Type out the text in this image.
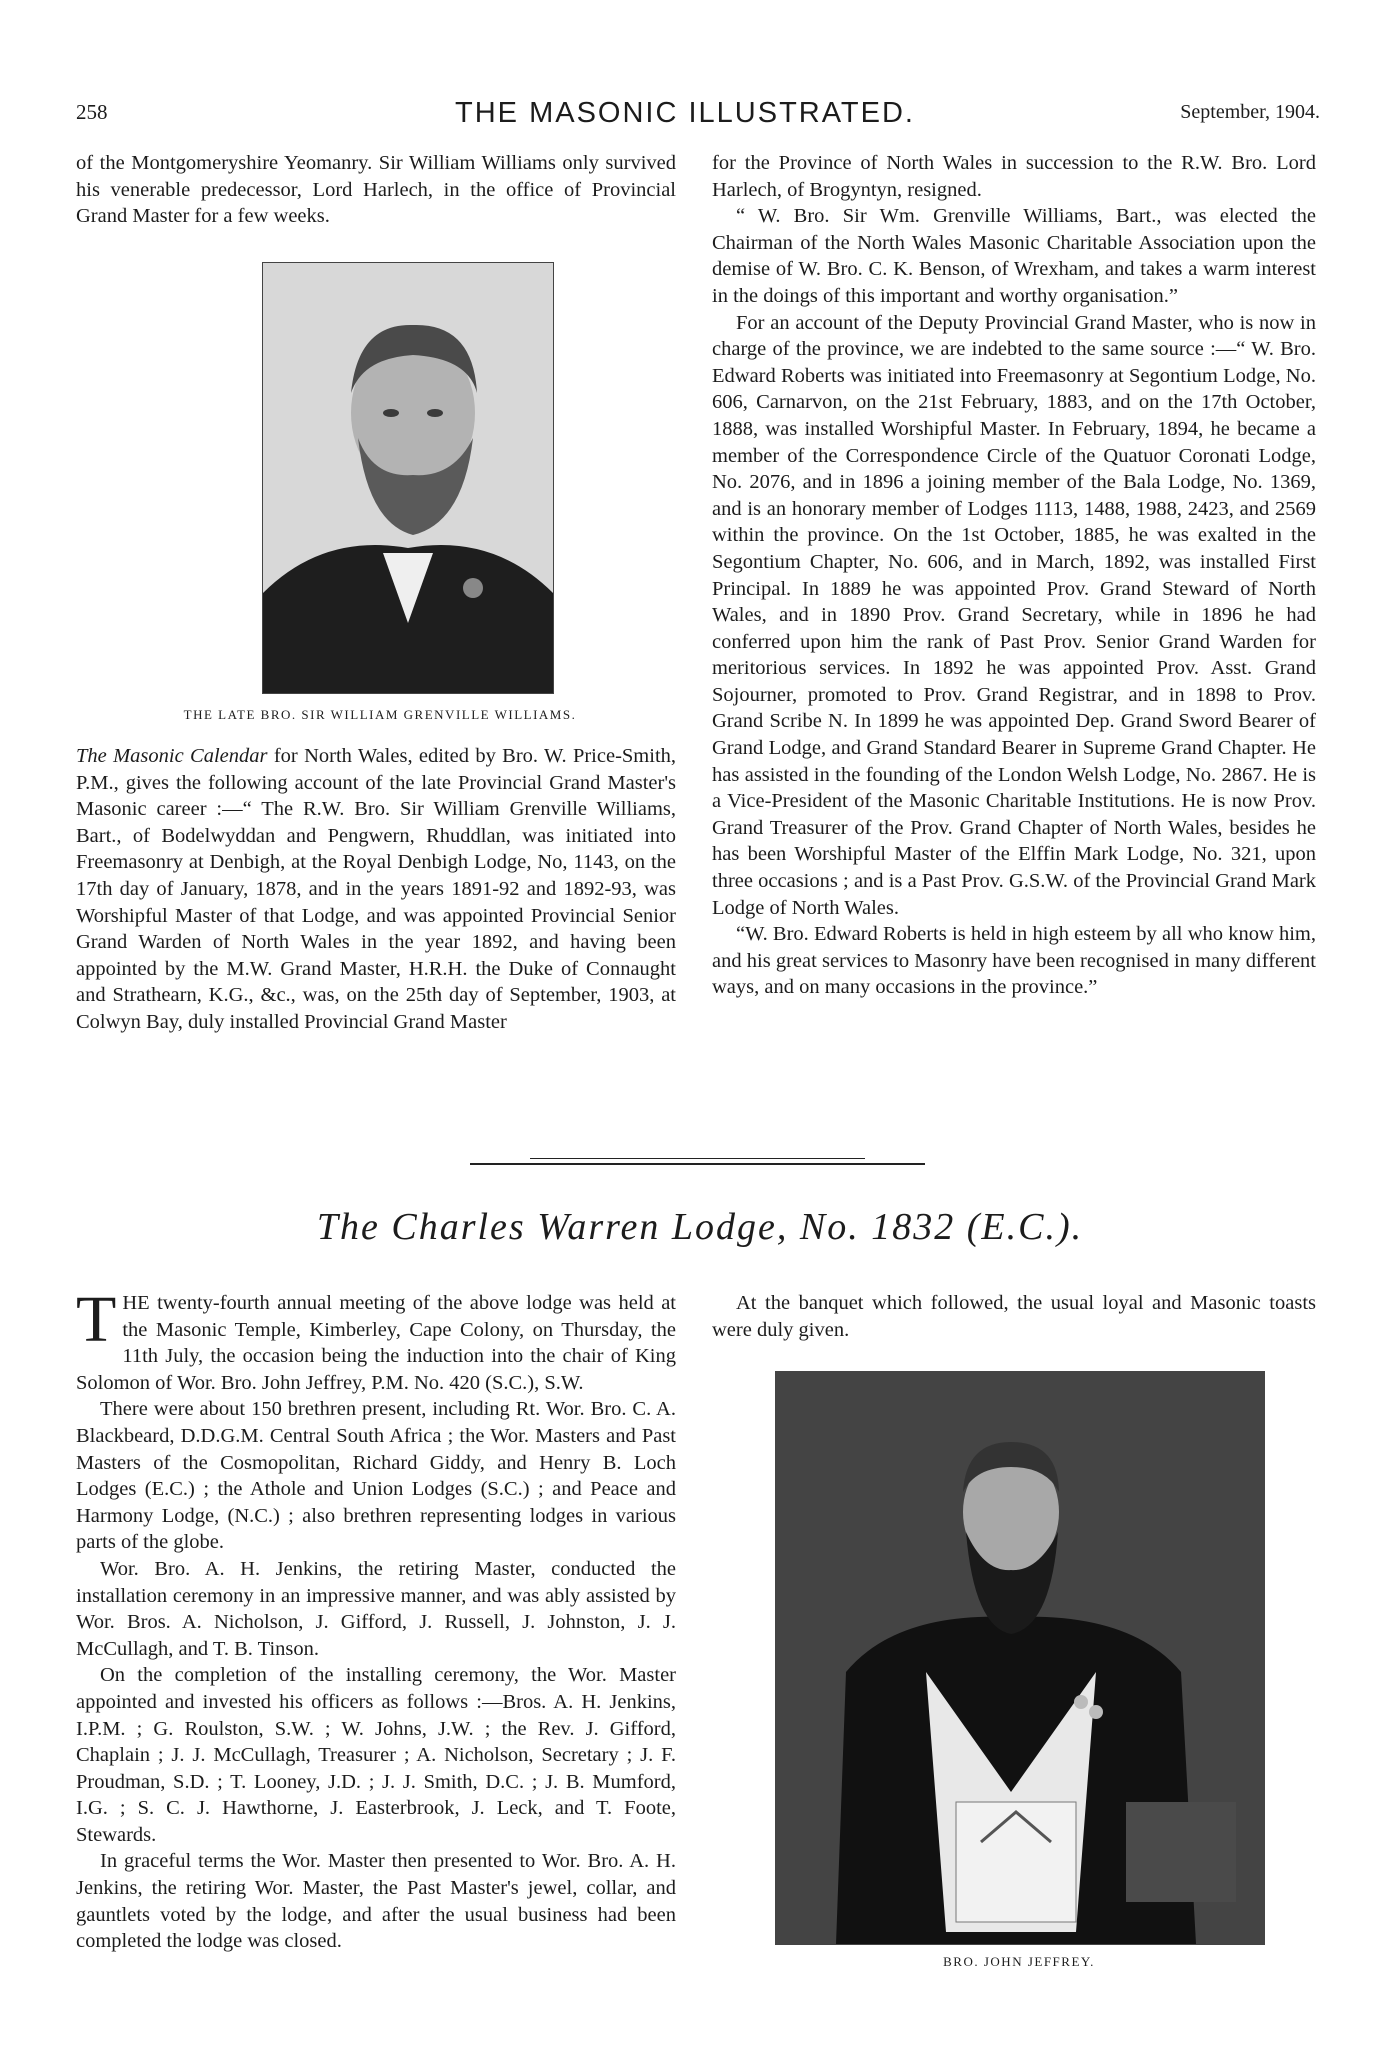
258	THE MASONIC ILLUSTRATED.	September, 1904.

of the Montgomeryshire Yeomanry. Sir William Williams only survived his venerable predecessor, Lord Harlech, in the office of Provincial Grand Master for a few weeks.

THE LATE BRO. SIR WILLIAM GRENVILLE WILLIAMS.

The Masonic Calendar for North Wales, edited by Bro. W. Price-Smith, P.M., gives the following account of the late Provincial Grand Master's Masonic career :—“ The R.W. Bro. Sir William Grenville Williams, Bart., of Bodelwyddan and Pengwern, Rhuddlan, was initiated into Freemasonry at Denbigh, at the Royal Denbigh Lodge, No, 1143, on the 17th day of January, 1878, and in the years 1891-92 and 1892-93, was Worshipful Master of that Lodge, and was appointed Provincial Senior Grand Warden of North Wales in the year 1892, and having been appointed by the M.W. Grand Master, H.R.H. the Duke of Connaught and Strathearn, K.G., &c., was, on the 25th day of September, 1903, at Colwyn Bay, duly installed Provincial Grand Master

for the Province of North Wales in succession to the R.W. Bro. Lord Harlech, of Brogyntyn, resigned.

“ W. Bro. Sir Wm. Grenville Williams, Bart., was elected the Chairman of the North Wales Masonic Charitable Association upon the demise of W. Bro. C. K. Benson, of Wrexham, and takes a warm interest in the doings of this important and worthy organisation.”

For an account of the Deputy Provincial Grand Master, who is now in charge of the province, we are indebted to the same source :—“ W. Bro. Edward Roberts was initiated into Freemasonry at Segontium Lodge, No. 606, Carnarvon, on the 21st February, 1883, and on the 17th October, 1888, was installed Worshipful Master. In February, 1894, he became a member of the Correspondence Circle of the Quatuor Coronati Lodge, No. 2076, and in 1896 a joining member of the Bala Lodge, No. 1369, and is an honorary member of Lodges 1113, 1488, 1988, 2423, and 2569 within the province. On the 1st October, 1885, he was exalted in the Segontium Chapter, No. 606, and in March, 1892, was installed First Principal. In 1889 he was appointed Prov. Grand Steward of North Wales, and in 1890 Prov. Grand Secretary, while in 1896 he had conferred upon him the rank of Past Prov. Senior Grand Warden for meritorious services. In 1892 he was appointed Prov. Asst. Grand Sojourner, promoted to Prov. Grand Registrar, and in 1898 to Prov. Grand Scribe N. In 1899 he was appointed Dep. Grand Sword Bearer of Grand Lodge, and Grand Standard Bearer in Supreme Grand Chapter. He has assisted in the founding of the London Welsh Lodge, No. 2867. He is a Vice-President of the Masonic Charitable Institutions. He is now Prov. Grand Treasurer of the Prov. Grand Chapter of North Wales, besides he has been Worshipful Master of the Elffin Mark Lodge, No. 321, upon three occasions ; and is a Past Prov. G.S.W. of the Provincial Grand Mark Lodge of North Wales.

“W. Bro. Edward Roberts is held in high esteem by all who know him, and his great services to Masonry have been recognised in many different ways, and on many occasions in the province.”

The Charles Warren Lodge, No. 1832 (E.C.).

THE twenty-fourth annual meeting of the above lodge was held at the Masonic Temple, Kimberley, Cape Colony, on Thursday, the 11th July, the occasion being the induction into the chair of King Solomon of Wor. Bro. John Jeffrey, P.M. No. 420 (S.C.), S.W.

There were about 150 brethren present, including Rt. Wor. Bro. C. A. Blackbeard, D.D.G.M. Central South Africa ; the Wor. Masters and Past Masters of the Cosmopolitan, Richard Giddy, and Henry B. Loch Lodges (E.C.) ; the Athole and Union Lodges (S.C.) ; and Peace and Harmony Lodge, (N.C.) ; also brethren representing lodges in various parts of the globe.

Wor. Bro. A. H. Jenkins, the retiring Master, conducted the installation ceremony in an impressive manner, and was ably assisted by Wor. Bros. A. Nicholson, J. Gifford, J. Russell, J. Johnston, J. J. McCullagh, and T. B. Tinson.

On the completion of the installing ceremony, the Wor. Master appointed and invested his officers as follows :—Bros. A. H. Jenkins, I.P.M. ; G. Roulston, S.W. ; W. Johns, J.W. ; the Rev. J. Gifford, Chaplain ; J. J. McCullagh, Treasurer ; A. Nicholson, Secretary ; J. F. Proudman, S.D. ; T. Looney, J.D. ; J. J. Smith, D.C. ; J. B. Mumford, I.G. ; S. C. J. Hawthorne, J. Easterbrook, J. Leck, and T. Foote, Stewards.

In graceful terms the Wor. Master then presented to Wor. Bro. A. H. Jenkins, the retiring Wor. Master, the Past Master's jewel, collar, and gauntlets voted by the lodge, and after the usual business had been completed the lodge was closed.

At the banquet which followed, the usual loyal and Masonic toasts were duly given.

BRO. JOHN JEFFREY.
